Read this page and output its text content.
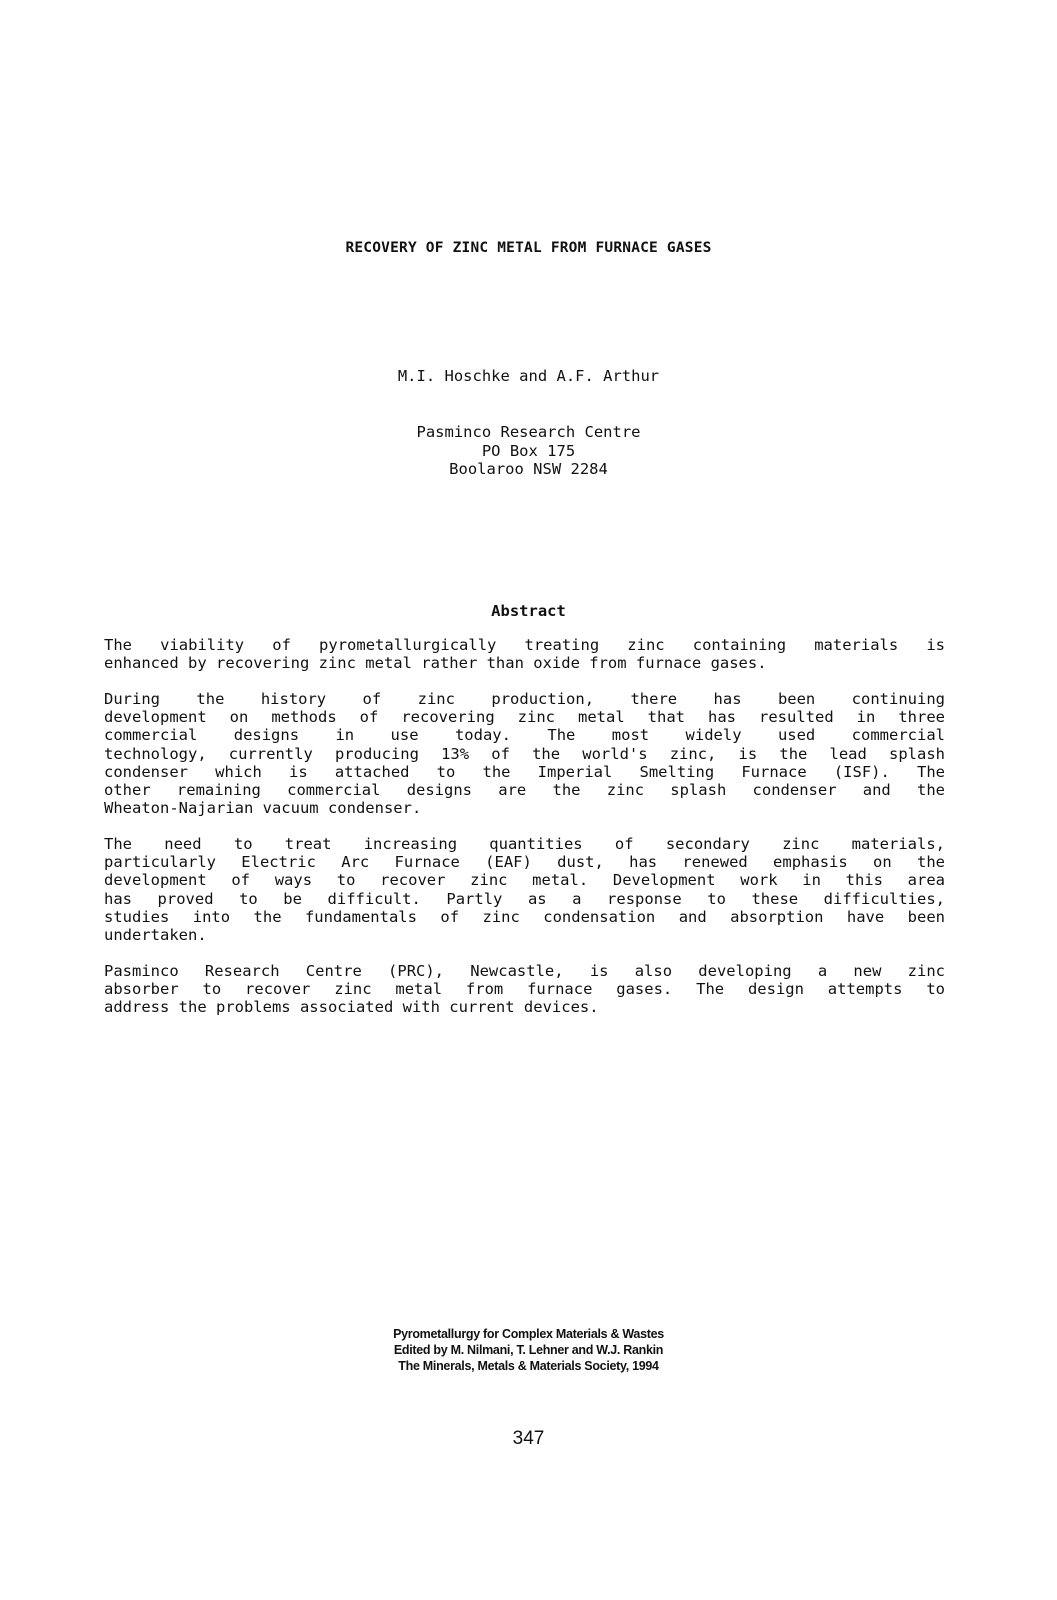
RECOVERY OF ZINC METAL FROM FURNACE GASES
M.I. Hoschke and A.F. Arthur
Pasminco Research Centre
PO Box 175
Boolaroo NSW 2284
Abstract

The viability of pyrometallurgically treating zinc containing materials is
enhanced by recovering zinc metal rather than oxide from furnace gases.

During the history of zinc production, there has been continuing
development on methods of recovering zinc metal that has resulted in three
commercial designs in use today. The most widely used commercial
technology, currently producing 13% of the world's zinc, is the lead splash
condenser which is attached to the Imperial Smelting Furnace (ISF). The
other remaining commercial designs are the zinc splash condenser and the
Wheaton-Najarian vacuum condenser.

The need to treat increasing quantities of secondary zinc materials,
particularly Electric Arc Furnace (EAF) dust, has renewed emphasis on the
development of ways to recover zinc metal. Development work in this area
has proved to be difficult. Partly as a response to these difficulties,
studies into the fundamentals of zinc condensation and absorption have been
undertaken.

Pasminco Research Centre (PRC), Newcastle, is also developing a new zinc
absorber to recover zinc metal from furnace gases. The design attempts to
address the problems associated with current devices.

Pyrometallurgy for Complex Materials & Wastes
Edited by M. Nilmani, T. Lehner and W.J. Rankin
The Minerals, Metals & Materials Society, 1994
347
